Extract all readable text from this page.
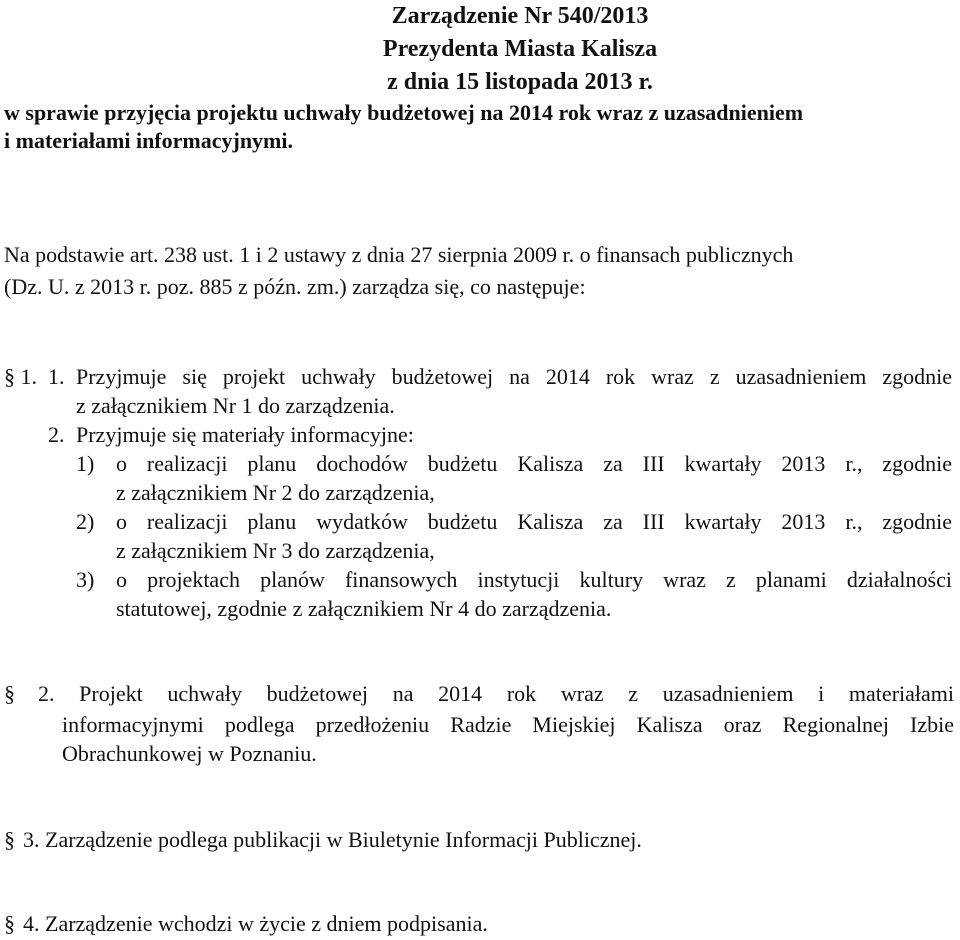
Zarządzenie Nr 540/2013
Prezydenta Miasta Kalisza
z dnia 15 listopada 2013 r.
w sprawie przyjęcia projektu uchwały budżetowej na 2014 rok wraz z uzasadnieniem
i materiałami informacyjnymi.
Na podstawie art. 238 ust. 1 i 2 ustawy z dnia 27 sierpnia 2009 r. o finansach publicznych
(Dz. U. z 2013 r. poz. 885 z późn. zm.) zarządza się, co następuje:
§ 1. 1. Przyjmuje się projekt uchwały budżetowej na 2014 rok wraz z uzasadnieniem zgodnie
z załącznikiem Nr 1 do zarządzenia.
2. Przyjmuje się materiały informacyjne:
1) o realizacji planu dochodów budżetu Kalisza za III kwartały 2013 r., zgodnie
z załącznikiem Nr 2 do zarządzenia,
2) o realizacji planu wydatków budżetu Kalisza za III kwartały 2013 r., zgodnie
z załącznikiem Nr 3 do zarządzenia,
3) o projektach planów finansowych instytucji kultury wraz z planami działalności
statutowej, zgodnie z załącznikiem Nr 4 do zarządzenia.
§ 2. Projekt uchwały budżetowej na 2014 rok wraz z uzasadnieniem i materiałami
informacyjnymi podlega przedłożeniu Radzie Miejskiej Kalisza oraz Regionalnej Izbie
Obrachunkowej w Poznaniu.
§ 3. Zarządzenie podlega publikacji w Biuletynie Informacji Publicznej.
§ 4. Zarządzenie wchodzi w życie z dniem podpisania.
